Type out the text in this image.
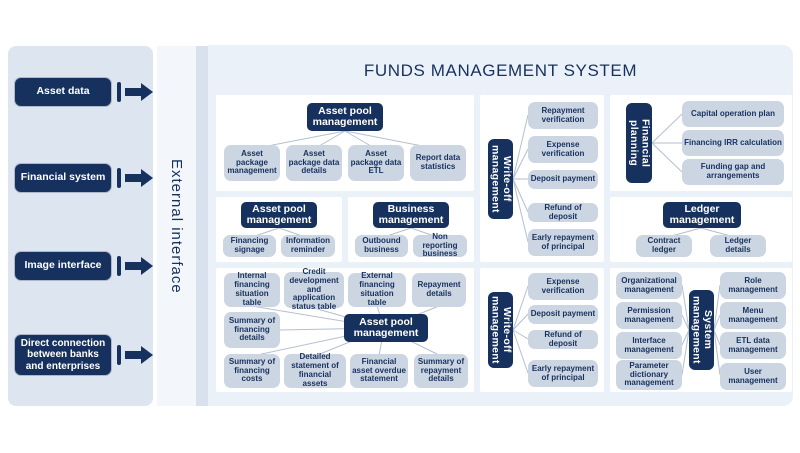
Asset data
Financial system
Image interface
Direct connection between banks and enterprises
External interface
FUNDS MANAGEMENT SYSTEM
Asset pool management
Asset package management
Asset package data details
Asset package data ETL
Report data statistics
Asset pool management
Financing signage
Information reminder
Business management
Outbound business
Non reporting business
Write-off management
Repayment verification
Expense verification
Deposit payment
Refund of deposit
Early repayment of principal
Financial planning
Capital operation plan
Financing IRR calculation
Funding gap and arrangements
Ledger management
Contract ledger
Ledger details
Write-off management
Expense verification
Deposit payment
Refund of deposit
Early repayment of principal
System management
Organizational management
Permission management
Interface management
Parameter dictionary management
Role management
Menu management
ETL data management
User management
Internal financing situation table
Credit development and application status table
External financing situation table
Repayment details
Summary of financing details
Asset pool management
Summary of financing costs
Detailed statement of financial assets
Financial asset overdue statement
Summary of repayment details
